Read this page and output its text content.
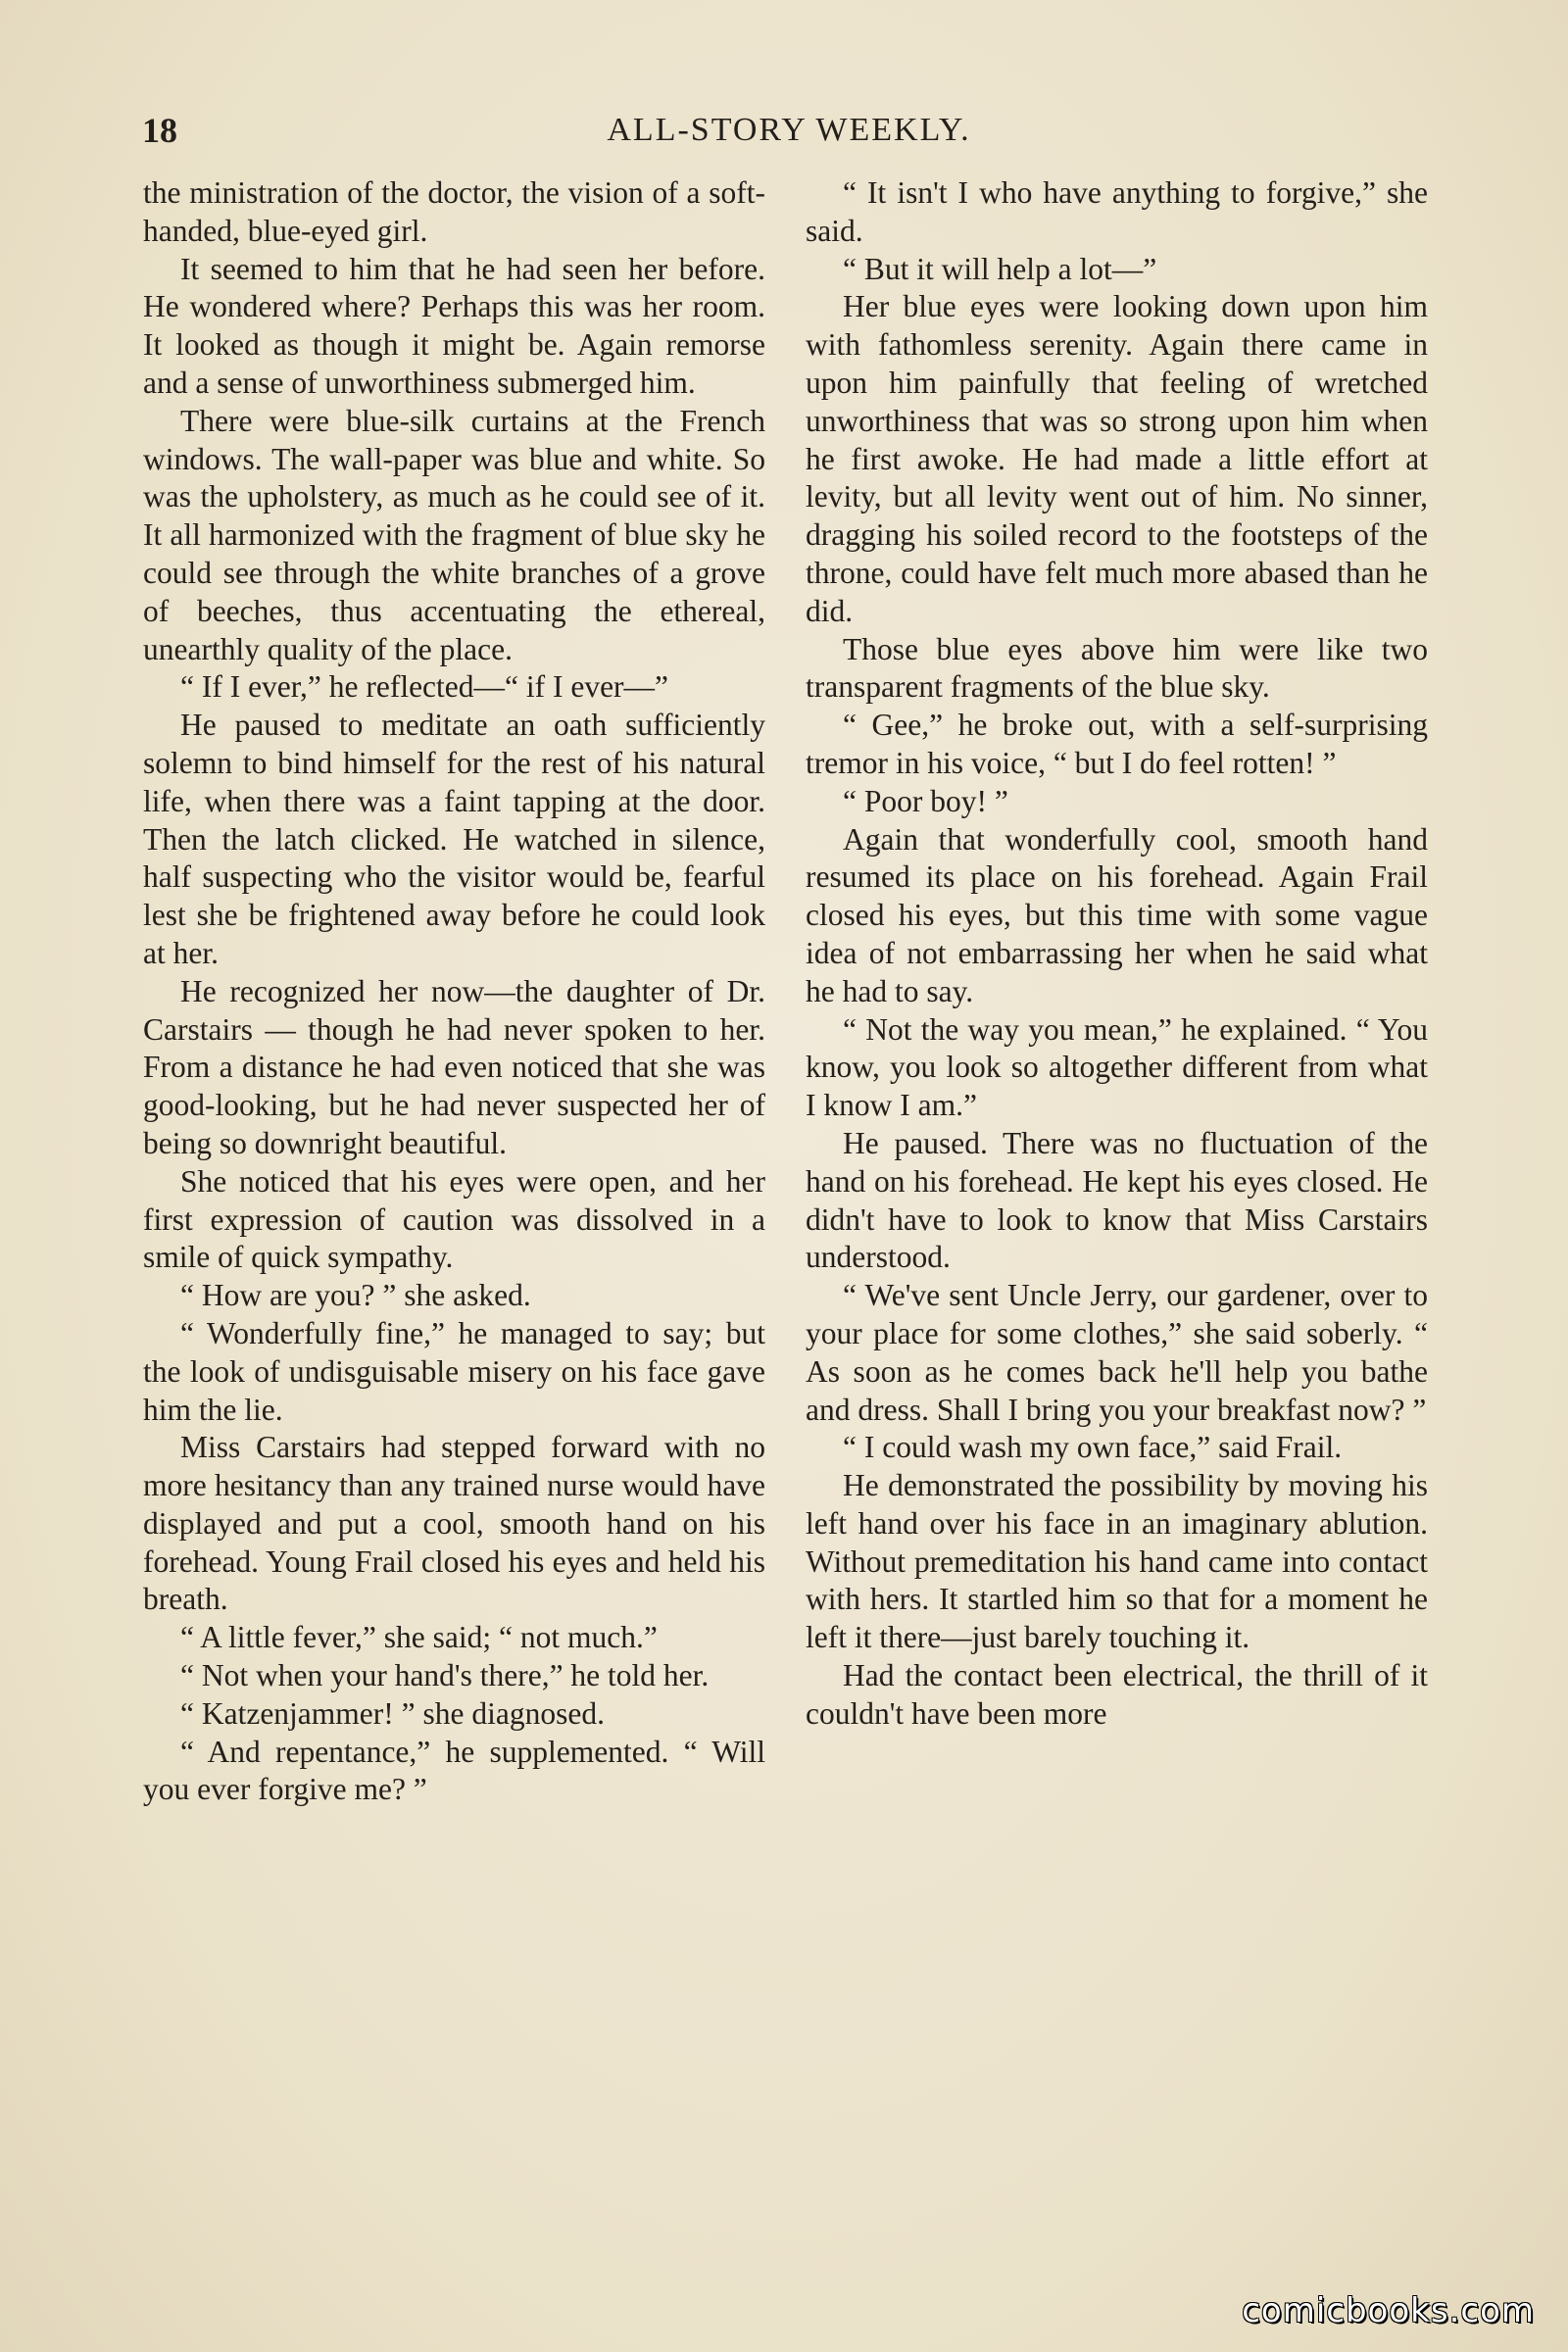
18	ALL-STORY WEEKLY.

the ministration of the doctor, the vision of a soft-handed, blue-eyed girl.

It seemed to him that he had seen her before. He wondered where? Perhaps this was her room. It looked as though it might be. Again remorse and a sense of unworthiness submerged him.

There were blue-silk curtains at the French windows. The wall-paper was blue and white. So was the upholstery, as much as he could see of it. It all harmonized with the fragment of blue sky he could see through the white branches of a grove of beeches, thus accentuating the ethereal, unearthly quality of the place.

“ If I ever,” he reflected—“ if I ever—”

He paused to meditate an oath sufficiently solemn to bind himself for the rest of his natural life, when there was a faint tapping at the door. Then the latch clicked. He watched in silence, half suspecting who the visitor would be, fearful lest she be frightened away before he could look at her.

He recognized her now—the daughter of Dr. Carstairs — though he had never spoken to her. From a distance he had even noticed that she was good-looking, but he had never suspected her of being so downright beautiful.

She noticed that his eyes were open, and her first expression of caution was dissolved in a smile of quick sympathy.

“ How are you? ” she asked.

“ Wonderfully fine,” he managed to say; but the look of undisguisable misery on his face gave him the lie.

Miss Carstairs had stepped forward with no more hesitancy than any trained nurse would have displayed and put a cool, smooth hand on his forehead. Young Frail closed his eyes and held his breath.

“ A little fever,” she said; “ not much.”

“ Not when your hand's there,” he told her.

“ Katzenjammer! ” she diagnosed.

“ And repentance,” he supplemented. “ Will you ever forgive me? ”

“ It isn't I who have anything to forgive,” she said.

“ But it will help a lot—”

Her blue eyes were looking down upon him with fathomless serenity. Again there came in upon him painfully that feeling of wretched unworthiness that was so strong upon him when he first awoke. He had made a little effort at levity, but all levity went out of him. No sinner, dragging his soiled record to the footsteps of the throne, could have felt much more abased than he did.

Those blue eyes above him were like two transparent fragments of the blue sky.

“ Gee,” he broke out, with a self-surprising tremor in his voice, “ but I do feel rotten! ”

“ Poor boy! ”

Again that wonderfully cool, smooth hand resumed its place on his forehead. Again Frail closed his eyes, but this time with some vague idea of not embarrassing her when he said what he had to say.

“ Not the way you mean,” he explained. “ You know, you look so altogether different from what I know I am.”

He paused. There was no fluctuation of the hand on his forehead. He kept his eyes closed. He didn't have to look to know that Miss Carstairs understood.

“ We've sent Uncle Jerry, our gardener, over to your place for some clothes,” she said soberly. “ As soon as he comes back he'll help you bathe and dress. Shall I bring you your breakfast now? ”

“ I could wash my own face,” said Frail.

He demonstrated the possibility by moving his left hand over his face in an imaginary ablution. Without premeditation his hand came into contact with hers. It startled him so that for a moment he left it there—just barely touching it.

Had the contact been electrical, the thrill of it couldn't have been more

comicbooks.com
